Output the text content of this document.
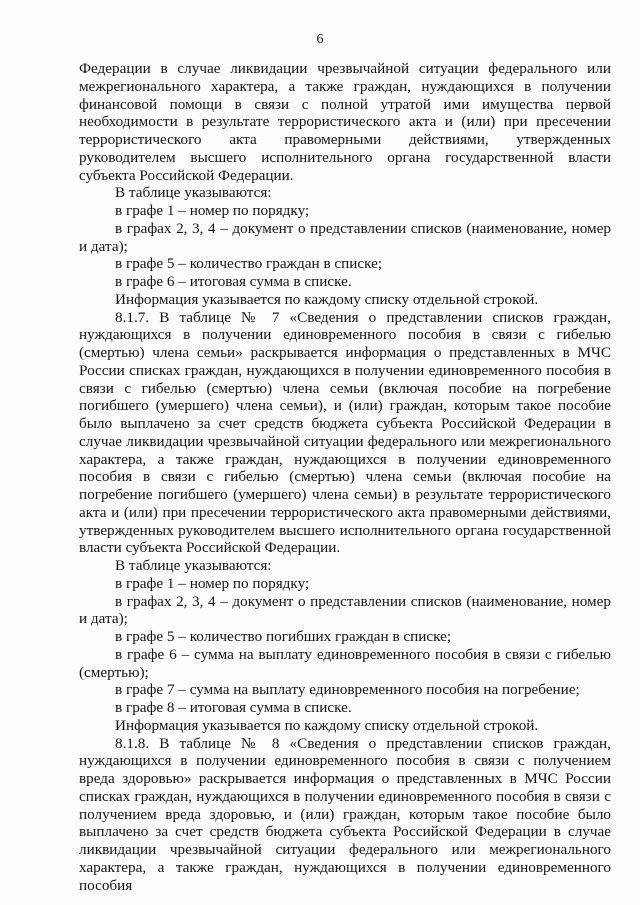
6

Федерации в случае ликвидации чрезвычайной ситуации федерального или межрегионального характера, а также граждан, нуждающихся в получении финансовой помощи в связи с полной утратой ими имущества первой необходимости в результате террористического акта и (или) при пресечении террористического акта правомерными действиями, утвержденных руководителем высшего исполнительного органа государственной власти субъекта Российской Федерации.

В таблице указываются:

в графе 1 – номер по порядку;

в графах 2, 3, 4 – документ о представлении списков (наименование, номер и дата);

в графе 5 – количество граждан в списке;

в графе 6 – итоговая сумма в списке.

Информация указывается по каждому списку отдельной строкой.

8.1.7. В таблице № 7 «Сведения о представлении списков граждан, нуждающихся в получении единовременного пособия в связи с гибелью (смертью) члена семьи» раскрывается информация о представленных в МЧС России списках граждан, нуждающихся в получении единовременного пособия в связи с гибелью (смертью) члена семьи (включая пособие на погребение погибшего (умершего) члена семьи), и (или) граждан, которым такое пособие было выплачено за счет средств бюджета субъекта Российской Федерации в случае ликвидации чрезвычайной ситуации федерального или межрегионального характера, а также граждан, нуждающихся в получении единовременного пособия в связи с гибелью (смертью) члена семьи (включая пособие на погребение погибшего (умершего) члена семьи) в результате террористического акта и (или) при пресечении террористического акта правомерными действиями, утвержденных руководителем высшего исполнительного органа государственной власти субъекта Российской Федерации.

В таблице указываются:

в графе 1 – номер по порядку;

в графах 2, 3, 4 – документ о представлении списков (наименование, номер и дата);

в графе 5 – количество погибших граждан в списке;

в графе 6 – сумма на выплату единовременного пособия в связи с гибелью (смертью);

в графе 7 – сумма на выплату единовременного пособия на погребение;

в графе 8 – итоговая сумма в списке.

Информация указывается по каждому списку отдельной строкой.

8.1.8. В таблице № 8 «Сведения о представлении списков граждан, нуждающихся в получении единовременного пособия в связи с получением вреда здоровью» раскрывается информация о представленных в МЧС России списках граждан, нуждающихся в получении единовременного пособия в связи с получением вреда здоровью, и (или) граждан, которым такое пособие было выплачено за счет средств бюджета субъекта Российской Федерации в случае ликвидации чрезвычайной ситуации федерального или межрегионального характера, а также граждан, нуждающихся в получении единовременного пособия
